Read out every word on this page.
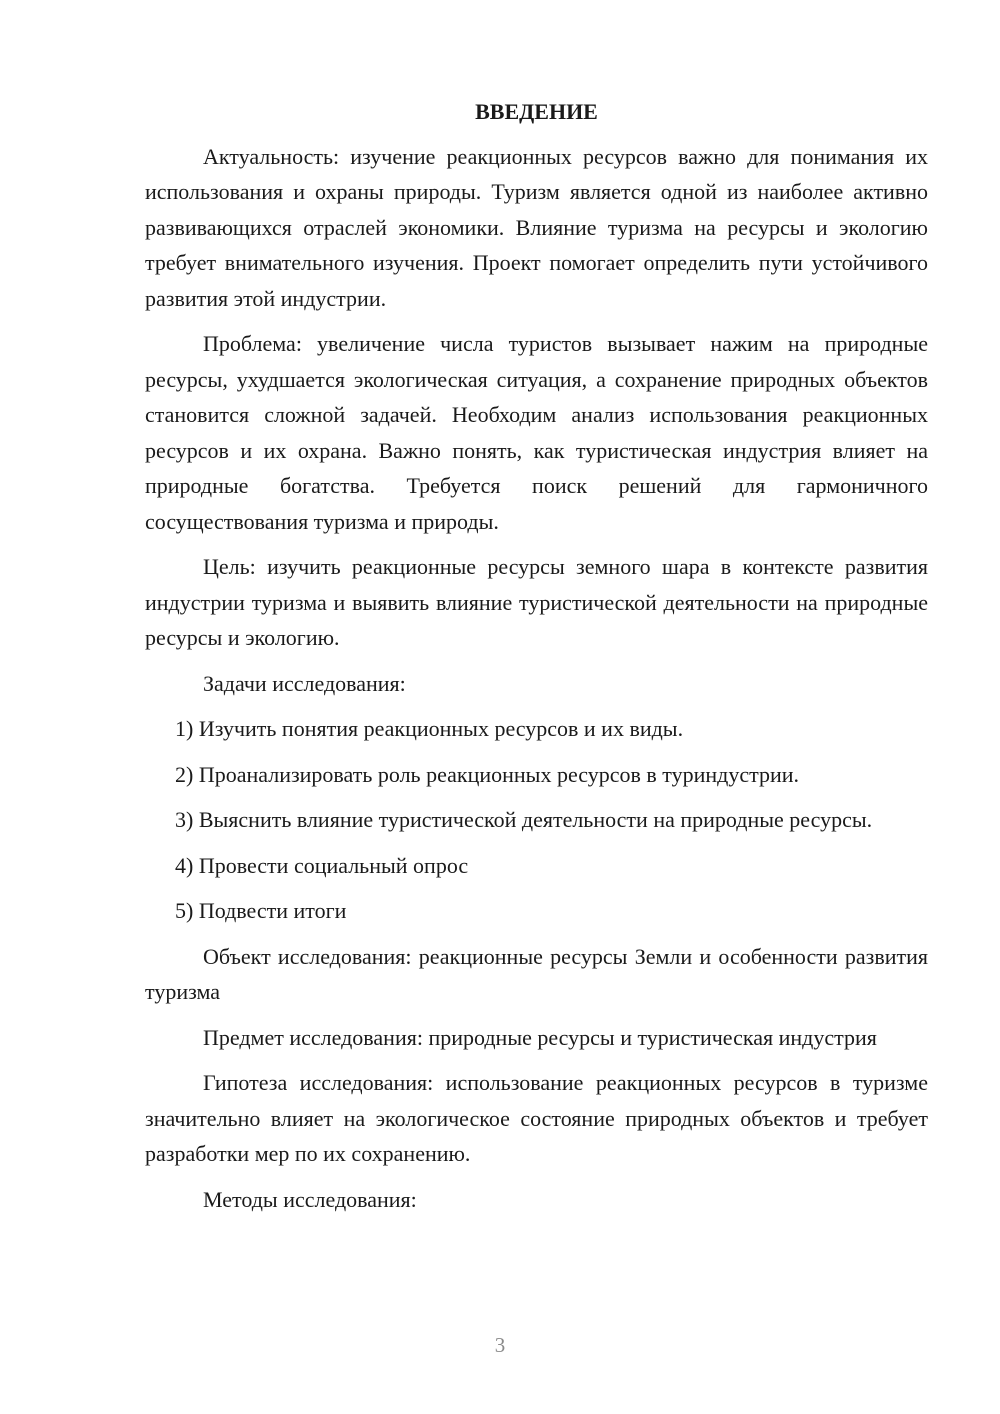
ВВЕДЕНИЕ

Актуальность: изучение реакционных ресурсов важно для понимания их использования и охраны природы. Туризм является одной из наиболее активно развивающихся отраслей экономики. Влияние туризма на ресурсы и экологию требует внимательного изучения. Проект помогает определить пути устойчивого развития этой индустрии.

Проблема: увеличение числа туристов вызывает нажим на природные ресурсы, ухудшается экологическая ситуация, а сохранение природных объектов становится сложной задачей. Необходим анализ использования реакционных ресурсов и их охрана. Важно понять, как туристическая индустрия влияет на природные богатства. Требуется поиск решений для гармоничного сосуществования туризма и природы.

Цель: изучить реакционные ресурсы земного шара в контексте развития индустрии туризма и выявить влияние туристической деятельности на природные ресурсы и экологию.

Задачи исследования:

1) Изучить понятия реакционных ресурсов и их виды.

2) Проанализировать роль реакционных ресурсов в туриндустрии.

3) Выяснить влияние туристической деятельности на природные ресурсы.

4) Провести социальный опрос

5) Подвести итоги

Объект исследования: реакционные ресурсы Земли и особенности развития туризма

Предмет исследования: природные ресурсы и туристическая индустрия

Гипотеза исследования: использование реакционных ресурсов в туризме значительно влияет на экологическое состояние природных объектов и требует разработки мер по их сохранению.

Методы исследования:

3
